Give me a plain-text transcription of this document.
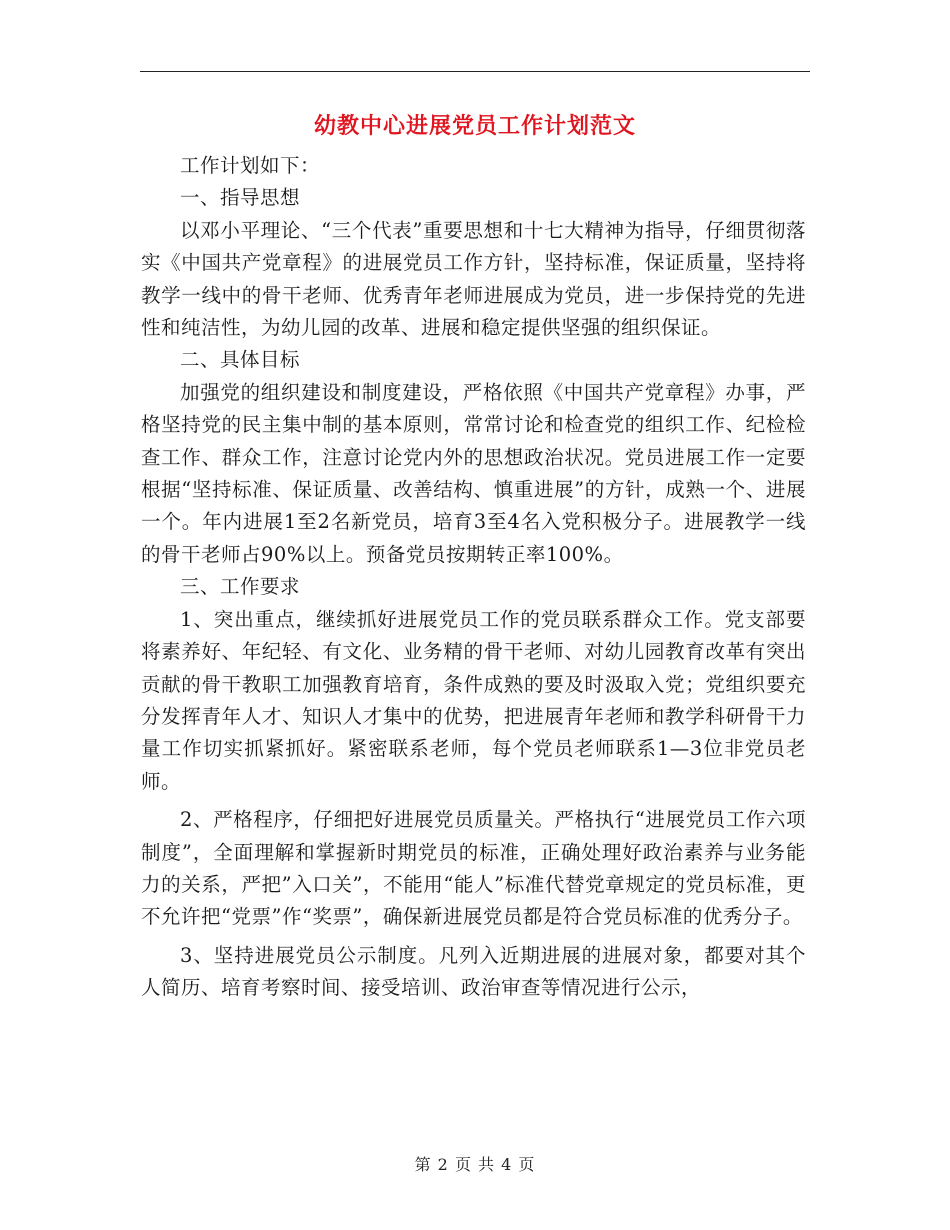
幼教中心进展党员工作计划范文

工作计划如下：

一、指导思想

以邓小平理论、“三个代表”重要思想和十七大精神为指导，仔细贯彻落实《中国共产党章程》的进展党员工作方针，坚持标准，保证质量，坚持将教学一线中的骨干老师、优秀青年老师进展成为党员，进一步保持党的先进性和纯洁性，为幼儿园的改革、进展和稳定提供坚强的组织保证。

二、具体目标

加强党的组织建设和制度建设，严格依照《中国共产党章程》办事，严格坚持党的民主集中制的基本原则，常常讨论和检查党的组织工作、纪检检查工作、群众工作，注意讨论党内外的思想政治状况。党员进展工作一定要根据“坚持标准、保证质量、改善结构、慎重进展”的方针，成熟一个、进展一个。年内进展1至2名新党员，培育3至4名入党积极分子。进展教学一线的骨干老师占90%以上。预备党员按期转正率100%。

三、工作要求

1、突出重点，继续抓好进展党员工作的党员联系群众工作。党支部要将素养好、年纪轻、有文化、业务精的骨干老师、对幼儿园教育改革有突出贡献的骨干教职工加强教育培育，条件成熟的要及时汲取入党；党组织要充分发挥青年人才、知识人才集中的优势，把进展青年老师和教学科研骨干力量工作切实抓紧抓好。紧密联系老师，每个党员老师联系1—3位非党员老师。

2、严格程序，仔细把好进展党员质量关。严格执行“进展党员工作六项制度”，全面理解和掌握新时期党员的标准，正确处理好政治素养与业务能力的关系，严把”入口关”，不能用“能人”标准代替党章规定的党员标准，更不允许把“党票”作“奖票”，确保新进展党员都是符合党员标准的优秀分子。

3、坚持进展党员公示制度。凡列入近期进展的进展对象，都要对其个人简历、培育考察时间、接受培训、政治审查等情况进行公示，

第 2 页 共 4 页
